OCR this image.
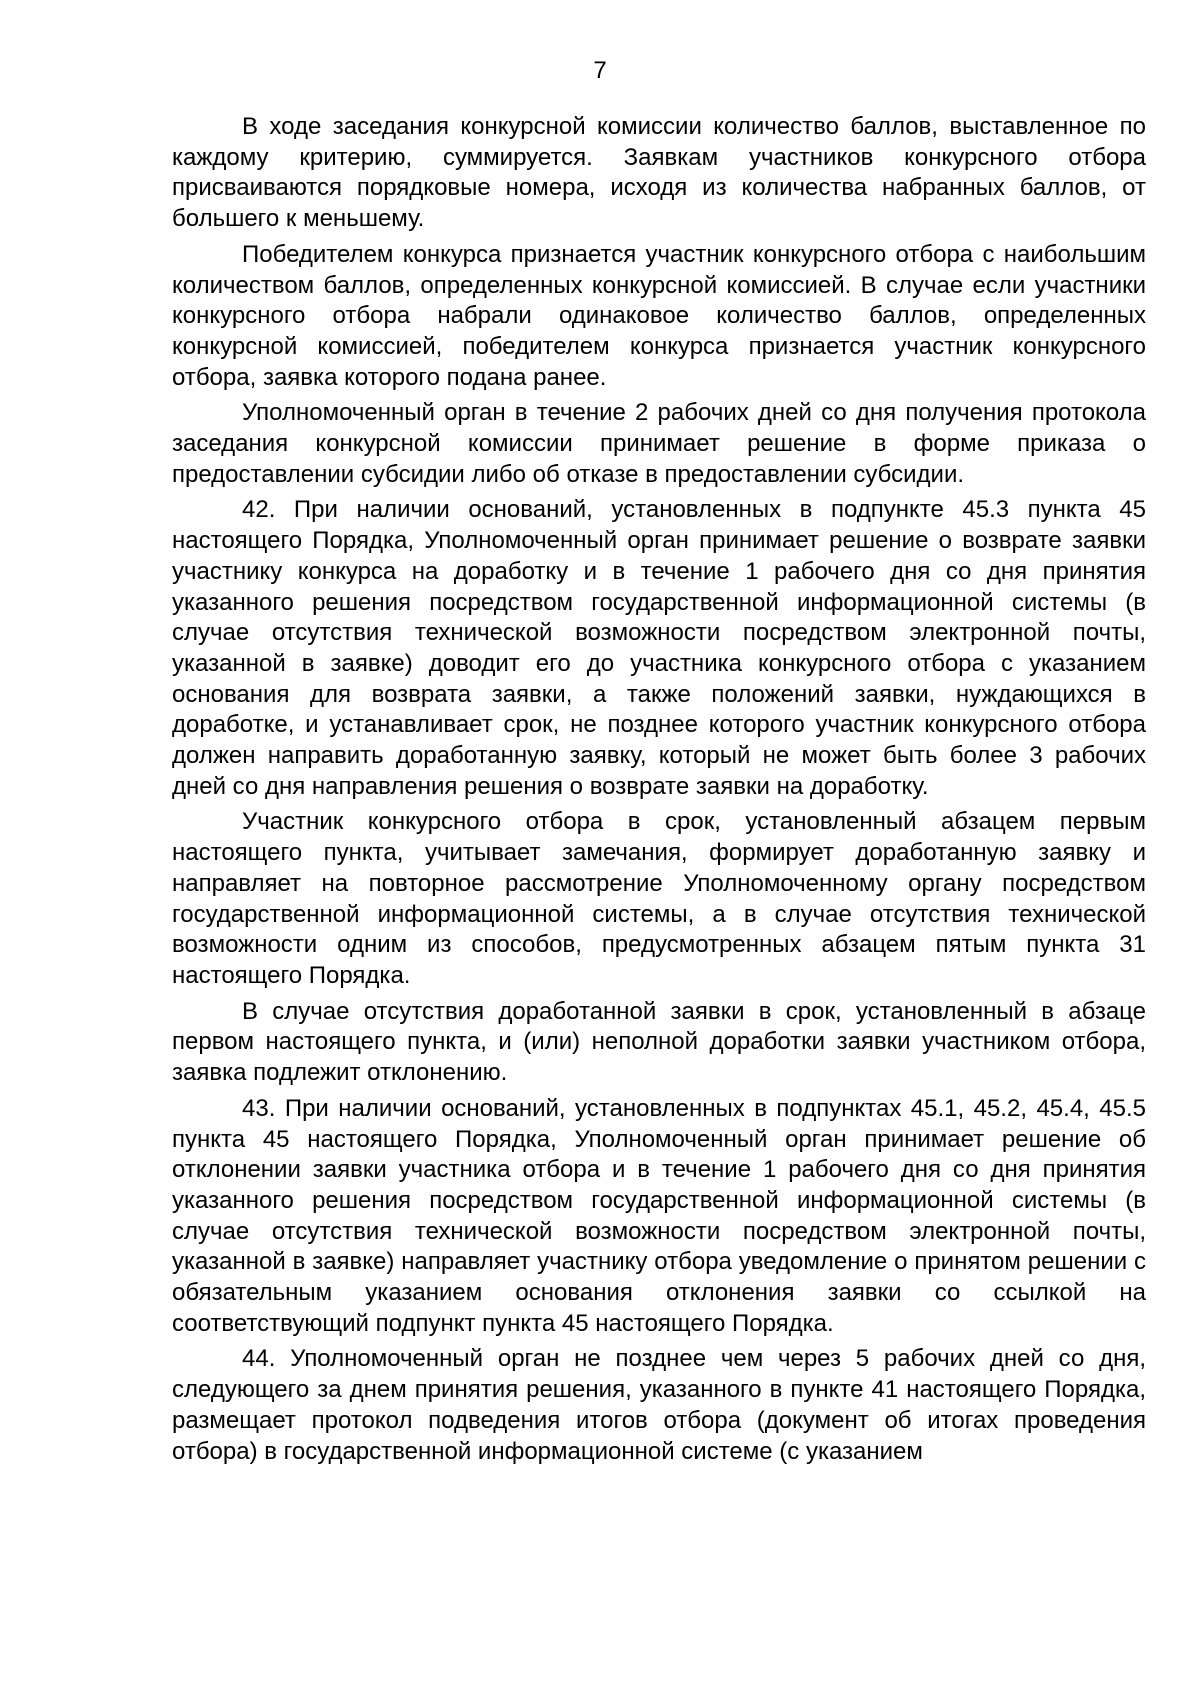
7

В ходе заседания конкурсной комиссии количество баллов, выставленное по каждому критерию, суммируется. Заявкам участников конкурсного отбора присваиваются порядковые номера, исходя из количества набранных баллов, от большего к меньшему.

Победителем конкурса признается участник конкурсного отбора с наибольшим количеством баллов, определенных конкурсной комиссией. В случае если участники конкурсного отбора набрали одинаковое количество баллов, определенных конкурсной комиссией, победителем конкурса признается участник конкурсного отбора, заявка которого подана ранее.

Уполномоченный орган в течение 2 рабочих дней со дня получения протокола заседания конкурсной комиссии принимает решение в форме приказа о предоставлении субсидии либо об отказе в предоставлении субсидии.

42. При наличии оснований, установленных в подпункте 45.3 пункта 45 настоящего Порядка, Уполномоченный орган принимает решение о возврате заявки участнику конкурса на доработку и в течение 1 рабочего дня со дня принятия указанного решения посредством государственной информационной системы (в случае отсутствия технической возможности посредством электронной почты, указанной в заявке) доводит его до участника конкурсного отбора с указанием основания для возврата заявки, а также положений заявки, нуждающихся в доработке, и устанавливает срок, не позднее которого участник конкурсного отбора должен направить доработанную заявку, который не может быть более 3 рабочих дней со дня направления решения о возврате заявки на доработку.

Участник конкурсного отбора в срок, установленный абзацем первым настоящего пункта, учитывает замечания, формирует доработанную заявку и направляет на повторное рассмотрение Уполномоченному органу посредством государственной информационной системы, а в случае отсутствия технической возможности одним из способов, предусмотренных абзацем пятым пункта 31 настоящего Порядка.

В случае отсутствия доработанной заявки в срок, установленный в абзаце первом настоящего пункта, и (или) неполной доработки заявки участником отбора, заявка подлежит отклонению.

43. При наличии оснований, установленных в подпунктах 45.1, 45.2, 45.4, 45.5 пункта 45 настоящего Порядка, Уполномоченный орган принимает решение об отклонении заявки участника отбора и в течение 1 рабочего дня со дня принятия указанного решения посредством государственной информационной системы (в случае отсутствия технической возможности посредством электронной почты, указанной в заявке) направляет участнику отбора уведомление о принятом решении с обязательным указанием основания отклонения заявки со ссылкой на соответствующий подпункт пункта 45 настоящего Порядка.

44. Уполномоченный орган не позднее чем через 5 рабочих дней со дня, следующего за днем принятия решения, указанного в пункте 41 настоящего Порядка, размещает протокол подведения итогов отбора (документ об итогах проведения отбора) в государственной информационной системе (с указанием
